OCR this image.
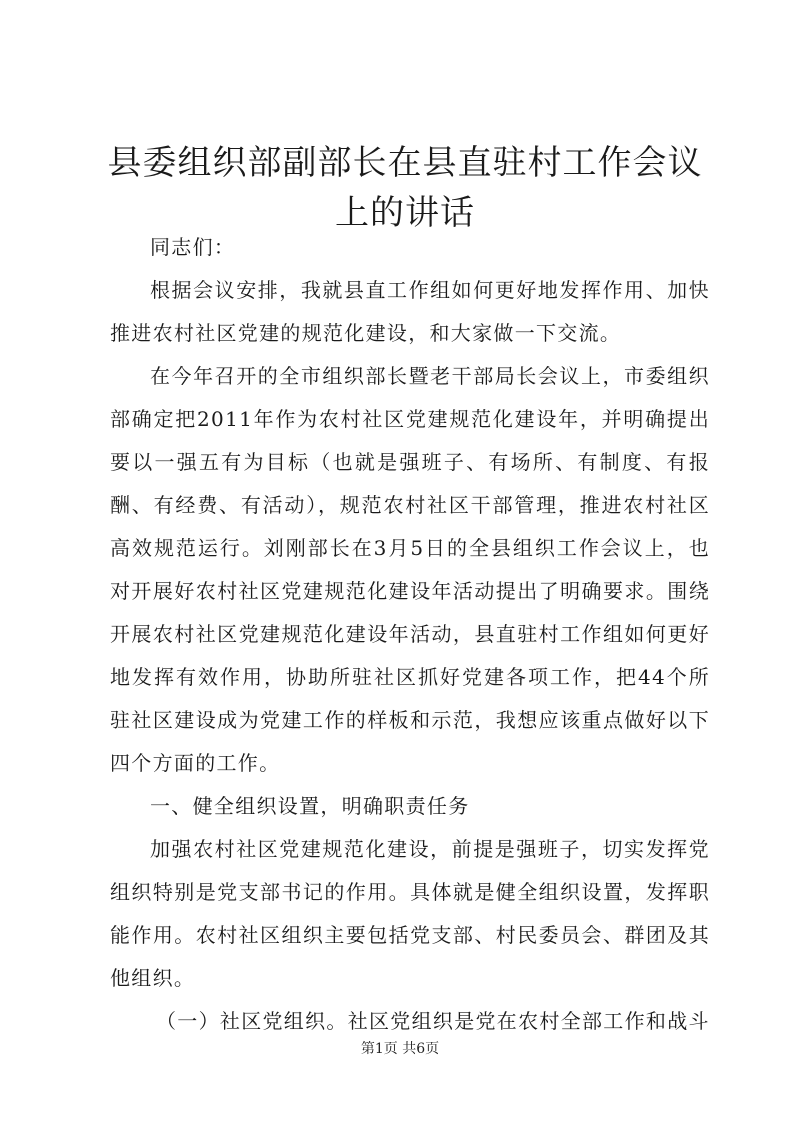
县委组织部副部长在县直驻村工作会议上的讲话

同志们：

根据会议安排，我就县直工作组如何更好地发挥作用、加快推进农村社区党建的规范化建设，和大家做一下交流。

在今年召开的全市组织部长暨老干部局长会议上，市委组织部确定把2011年作为农村社区党建规范化建设年，并明确提出要以一强五有为目标（也就是强班子、有场所、有制度、有报酬、有经费、有活动），规范农村社区干部管理，推进农村社区高效规范运行。刘刚部长在3月5日的全县组织工作会议上，也对开展好农村社区党建规范化建设年活动提出了明确要求。围绕开展农村社区党建规范化建设年活动，县直驻村工作组如何更好地发挥有效作用，协助所驻社区抓好党建各项工作，把44个所驻社区建设成为党建工作的样板和示范，我想应该重点做好以下四个方面的工作。

一、健全组织设置，明确职责任务

加强农村社区党建规范化建设，前提是强班子，切实发挥党组织特别是党支部书记的作用。具体就是健全组织设置，发挥职能作用。农村社区组织主要包括党支部、村民委员会、群团及其他组织。

（一）社区党组织。社区党组织是党在农村全部工作和战斗

第1页 共6页
